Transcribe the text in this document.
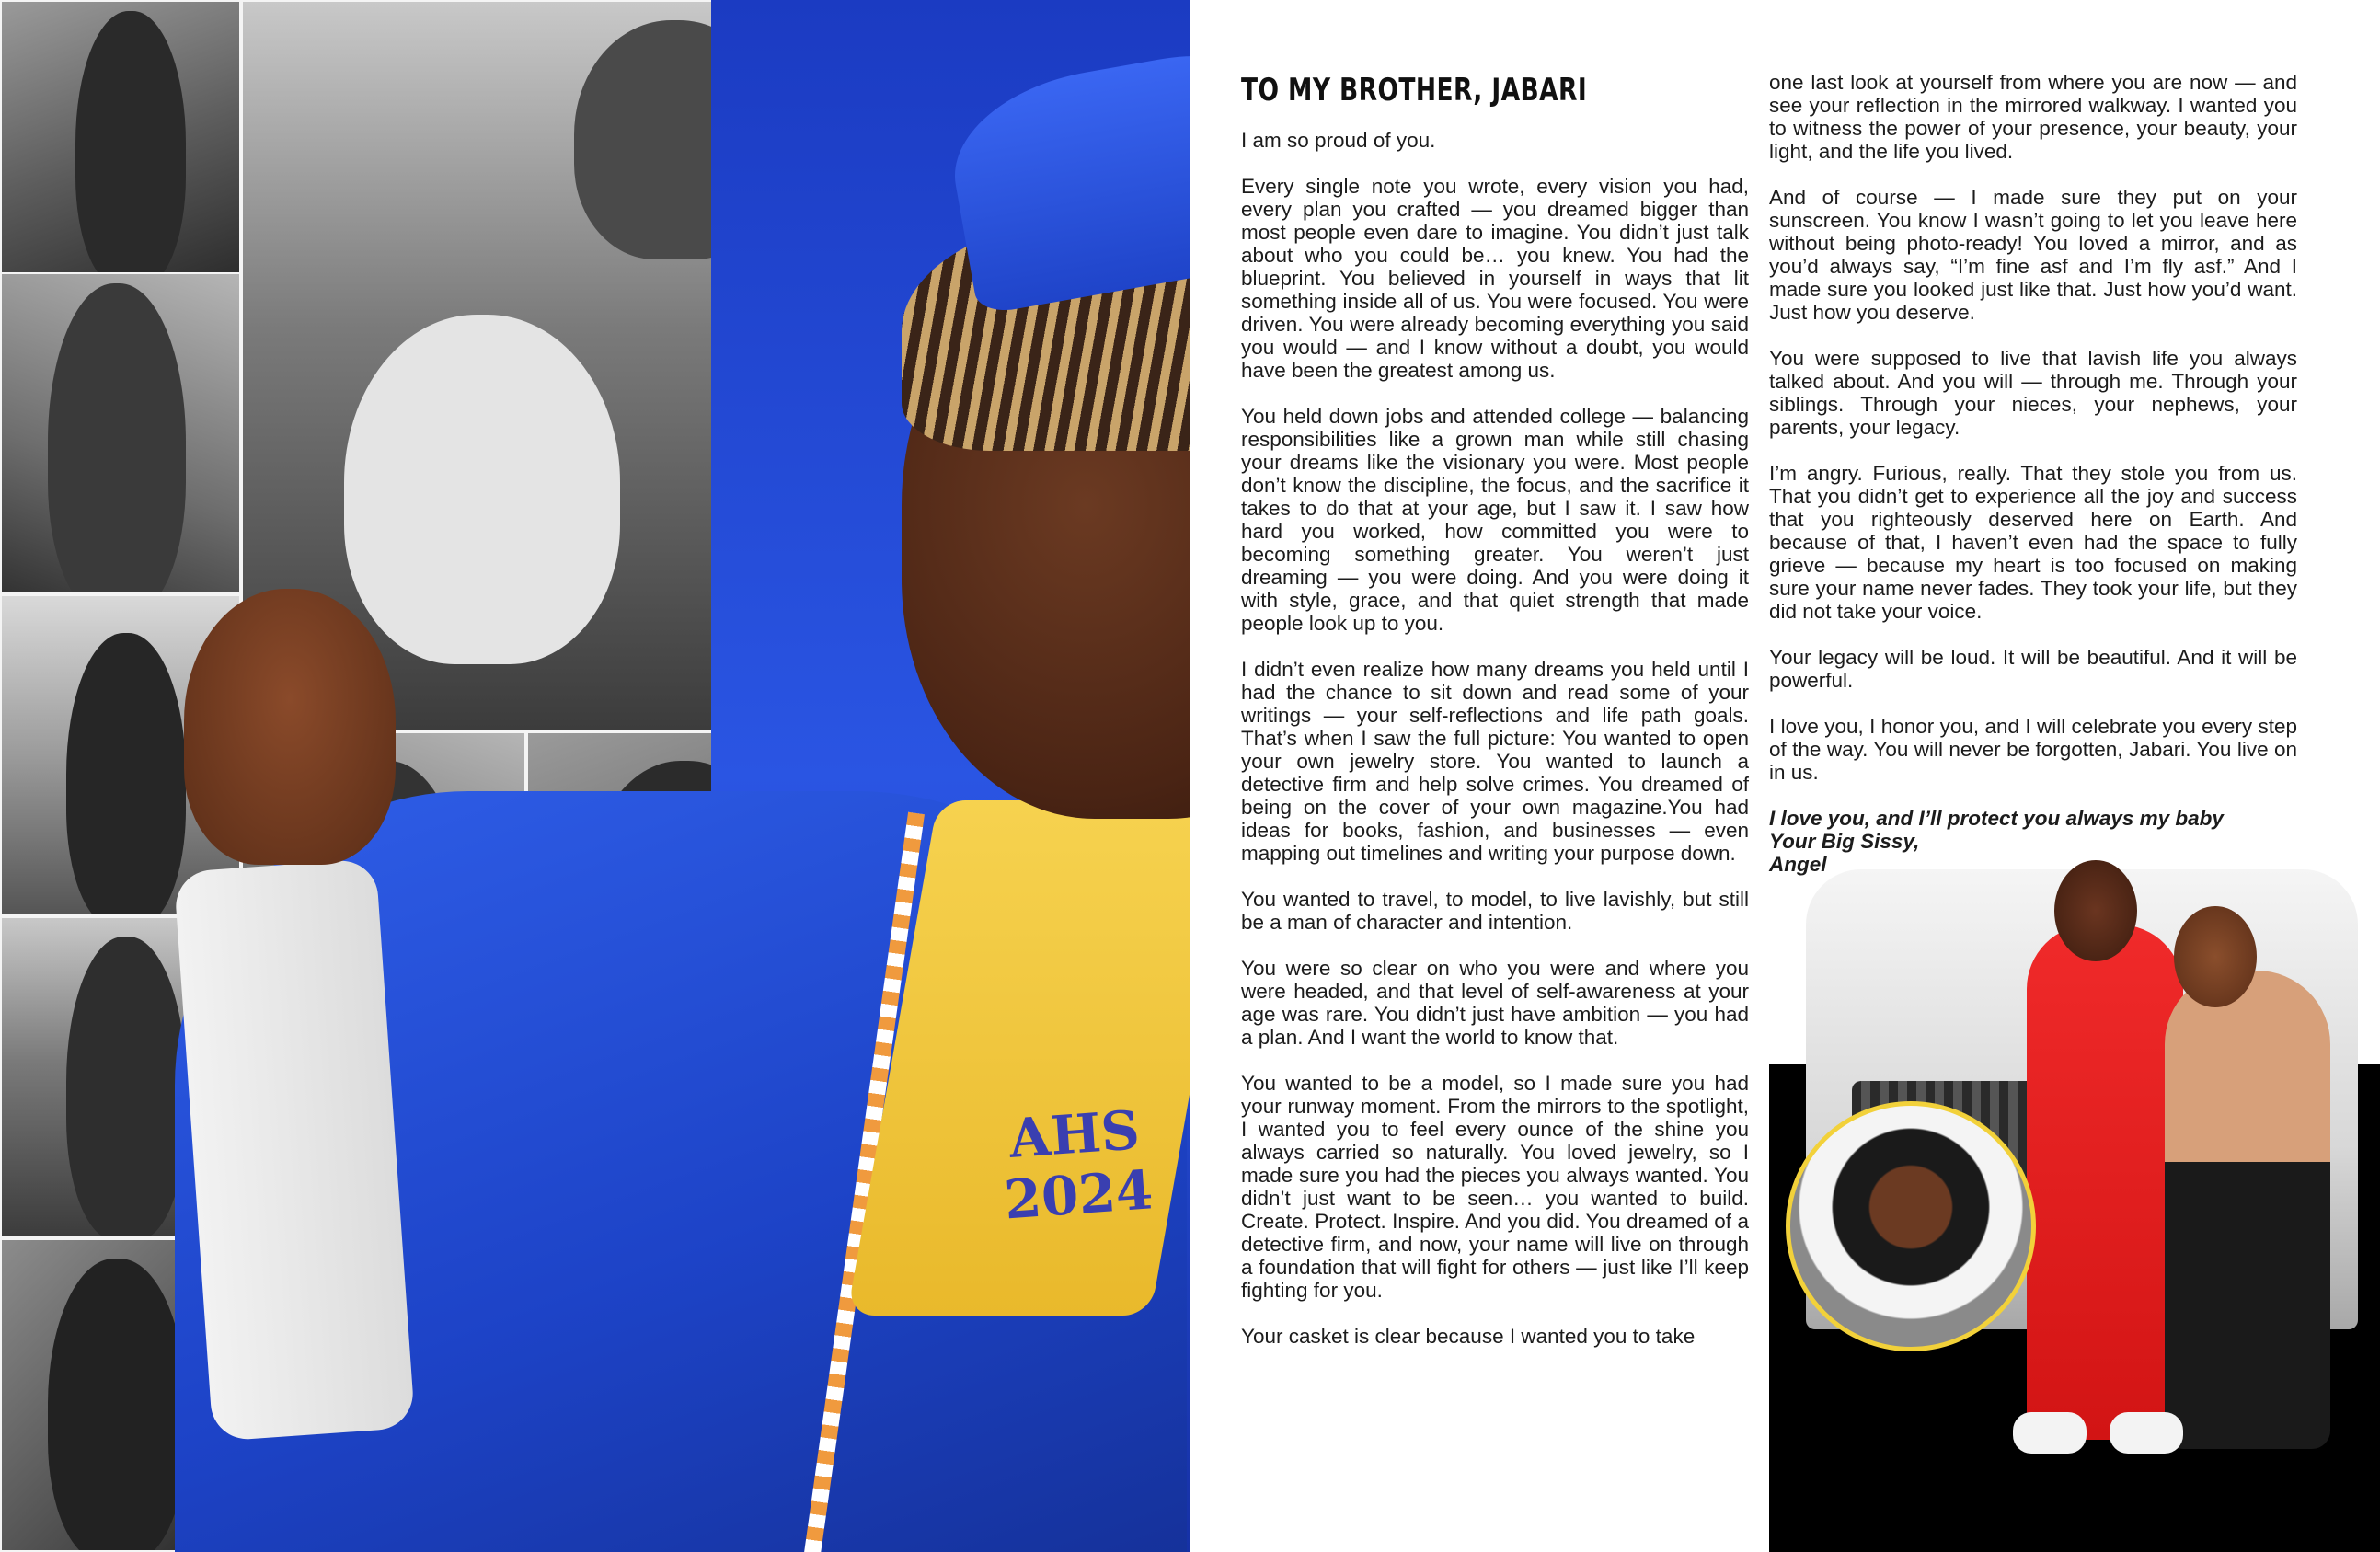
AHS
2024
TO MY BROTHER, JABARI

I am so proud of you.

Every single note you wrote, every vision you had, every plan you crafted — you dreamed bigger than most people even dare to imagine. You didn’t just talk about who you could be… you knew. You had the blueprint. You believed in yourself in ways that lit something inside all of us. You were focused. You were driven. You were already becoming everything you said you would — and I know without a doubt, you would have been the greatest among us.

You held down jobs and attended college — balancing responsibilities like a grown man while still chasing your dreams like the visionary you were. Most people don’t know the discipline, the focus, and the sacrifice it takes to do that at your age, but I saw it. I saw how hard you worked, how committed you were to becoming something greater. You weren’t just dreaming — you were doing. And you were doing it with style, grace, and that quiet strength that made people look up to you.

I didn’t even realize how many dreams you held until I had the chance to sit down and read some of your writings — your self-reflections and life path goals. That’s when I saw the full picture: You wanted to open your own jewelry store. You wanted to launch a detective firm and help solve crimes. You dreamed of being on the cover of your own magazine.You had ideas for books, fashion, and businesses — even mapping out timelines and writing your purpose down.

You wanted to travel, to model, to live lavishly, but still be a man of character and intention.

You were so clear on who you were and where you were headed, and that level of self-awareness at your age was rare. You didn’t just have ambition — you had a plan. And I want the world to know that.

You wanted to be a model, so I made sure you had your runway moment. From the mirrors to the spotlight, I wanted you to feel every ounce of the shine you always carried so naturally. You loved jewelry, so I made sure you had the pieces you always wanted. You didn’t just want to be seen… you wanted to build. Create. Protect. Inspire. And you did. You dreamed of a detective firm, and now, your name will live on through a foundation that will fight for others — just like I’ll keep fighting for you.

Your casket is clear because I wanted you to take

one last look at yourself from where you are now — and see your reflection in the mirrored walkway. I wanted you to witness the power of your presence, your beauty, your light, and the life you lived.

And of course — I made sure they put on your sunscreen. You know I wasn’t going to let you leave here without being photo-ready! You loved a mirror, and as you’d always say, “I’m fine asf and I’m fly asf.” And I made sure you looked just like that. Just how you’d want. Just how you deserve.

You were supposed to live that lavish life you always talked about. And you will — through me. Through your siblings. Through your nieces, your nephews, your parents, your legacy.

I’m angry. Furious, really. That they stole you from us. That you didn’t get to experience all the joy and success that you righteously deserved here on Earth. And because of that, I haven’t even had the space to fully grieve — because my heart is too focused on making sure your name never fades. They took your life, but they did not take your voice.

Your legacy will be loud. It will be beautiful. And it will be powerful.

I love you, I honor you, and I will celebrate you every step of the way. You will never be forgotten, Jabari. You live on in us.

I love you, and I’ll protect you always my baby
Your Big Sissy,
Angel
